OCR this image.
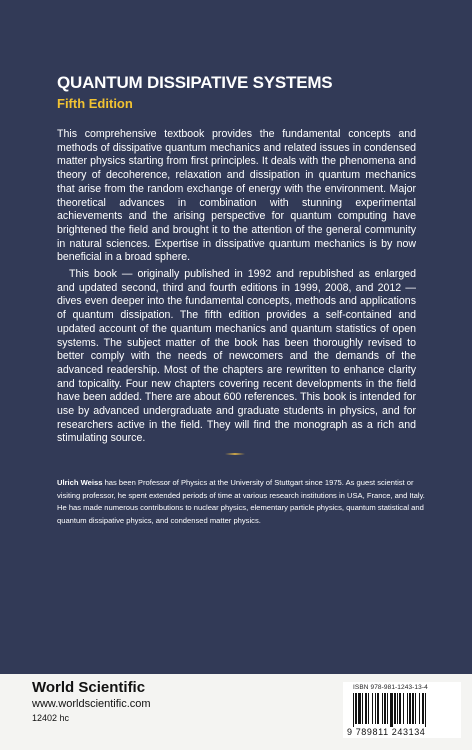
QUANTUM DISSIPATIVE SYSTEMS
Fifth Edition

This comprehensive textbook provides the fundamental concepts and methods of dissipative quantum mechanics and related issues in condensed matter physics starting from first principles. It deals with the phenomena and theory of decoherence, relaxation and dissipation in quantum mechanics that arise from the random exchange of energy with the environment. Major theoretical advances in combination with stunning experimental achievements and the arising perspective for quantum computing have brightened the field and brought it to the attention of the general community in natural sciences. Expertise in dissipative quantum mechanics is by now beneficial in a broad sphere.

This book — originally published in 1992 and republished as enlarged and updated second, third and fourth editions in 1999, 2008, and 2012 — dives even deeper into the fundamental concepts, methods and applications of quantum dissipation. The fifth edition provides a self-contained and updated account of the quantum mechanics and quantum statistics of open systems. The subject matter of the book has been thoroughly revised to better comply with the needs of newcomers and the demands of the advanced readership. Most of the chapters are rewritten to enhance clarity and topicality. Four new chapters covering recent developments in the field have been added. There are about 600 references. This book is intended for use by advanced undergraduate and graduate students in physics, and for researchers active in the field. They will find the monograph as a rich and stimulating source.

Ulrich Weiss has been Professor of Physics at the University of Stuttgart since 1975. As guest scientist or visiting professor, he spent extended periods of time at various research institutions in USA, France, and Italy. He has made numerous contributions to nuclear physics, elementary particle physics, quantum statistical and quantum dissipative physics, and condensed matter physics.

World Scientific
www.worldscientific.com
12402 hc
ISBN 978-981-1243-13-4
9 789811 243134
